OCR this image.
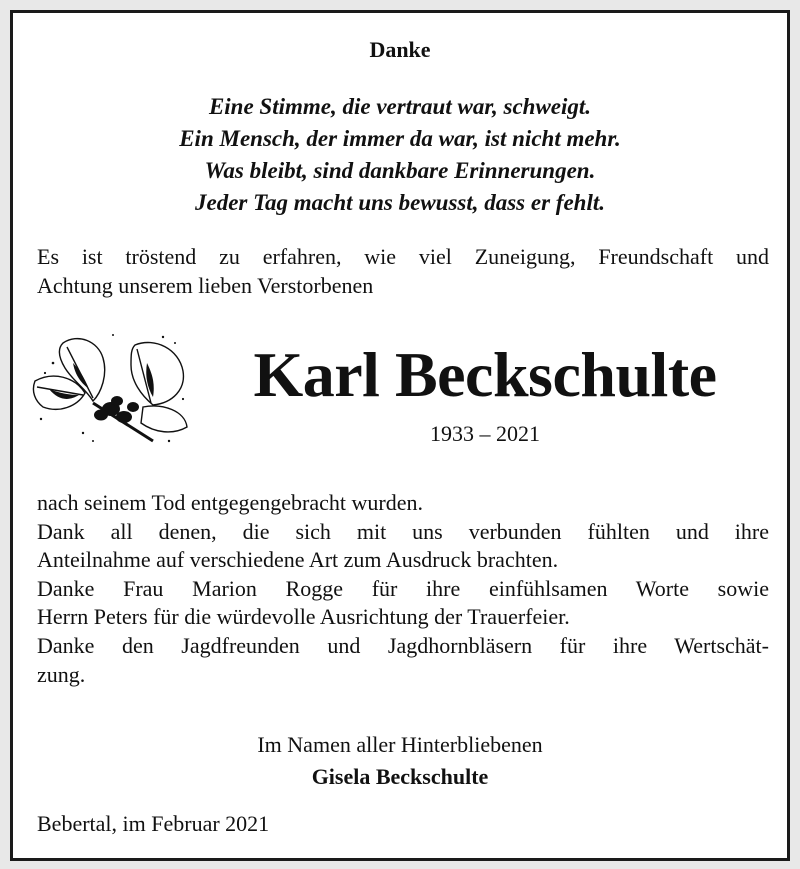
Danke
Eine Stimme, die vertraut war, schweigt.
Ein Mensch, der immer da war, ist nicht mehr.
Was bleibt, sind dankbare Erinnerungen.
Jeder Tag macht uns bewusst, dass er fehlt.
Es ist tröstend zu erfahren, wie viel Zuneigung, Freundschaft und
Achtung unserem lieben Verstorbenen
Karl Beckschulte
1933 – 2021
nach seinem Tod entgegengebracht wurden.
Dank all denen, die sich mit uns verbunden fühlten und ihre
Anteilnahme auf verschiedene Art zum Ausdruck brachten.
Danke Frau Marion Rogge für ihre einfühlsamen Worte sowie
Herrn Peters für die würdevolle Ausrichtung der Trauerfeier.
Danke den Jagdfreunden und Jagdhornbläsern für ihre Wertschät-
zung.
Im Namen aller Hinterbliebenen
Gisela Beckschulte
Bebertal, im Februar 2021
